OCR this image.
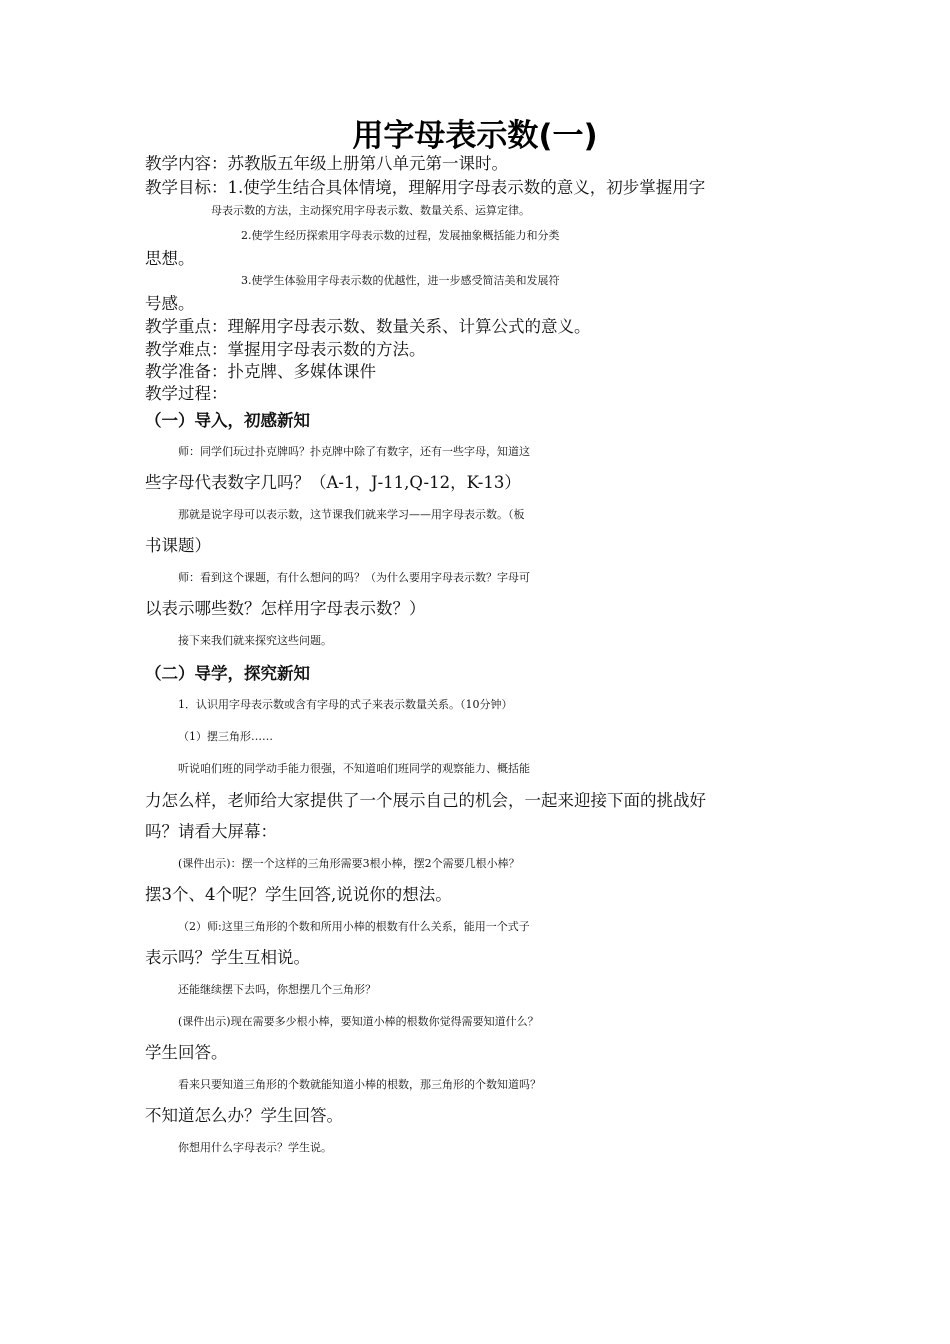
用字母表示数(一)

教学内容：苏教版五年级上册第八单元第一课时。

教学目标：1.使学生结合具体情境，理解用字母表示数的意义，初步掌握用字

母表示数的方法，主动探究用字母表示数、数量关系、运算定律。

2.使学生经历探索用字母表示数的过程，发展抽象概括能力和分类

思想。

3.使学生体验用字母表示数的优越性，进一步感受简洁美和发展符

号感。

教学重点：理解用字母表示数、数量关系、计算公式的意义。

教学难点：掌握用字母表示数的方法。

教学准备：扑克牌、多媒体课件

教学过程：

（一）导入，初感新知

师：同学们玩过扑克牌吗？扑克牌中除了有数字，还有一些字母，知道这

些字母代表数字几吗？（A-1，J-11,Q-12，K-13）

那就是说字母可以表示数，这节课我们就来学习——用字母表示数。（板

书课题）

师：看到这个课题，有什么想问的吗？（为什么要用字母表示数？字母可

以表示哪些数？怎样用字母表示数？）

接下来我们就来探究这些问题。

（二）导学，探究新知

1．认识用字母表示数或含有字母的式子来表示数量关系。（10分钟）

（1）摆三角形……

听说咱们班的同学动手能力很强，不知道咱们班同学的观察能力、概括能

力怎么样，老师给大家提供了一个展示自己的机会，一起来迎接下面的挑战好

吗？请看大屏幕：

(课件出示)：摆一个这样的三角形需要3根小棒，摆2个需要几根小棒？

摆3个、4个呢？学生回答,说说你的想法。

（2）师:这里三角形的个数和所用小棒的根数有什么关系，能用一个式子

表示吗？学生互相说。

还能继续摆下去吗，你想摆几个三角形？

(课件出示)现在需要多少根小棒，要知道小棒的根数你觉得需要知道什么？

学生回答。

看来只要知道三角形的个数就能知道小棒的根数，那三角形的个数知道吗？

不知道怎么办？学生回答。

你想用什么字母表示？学生说。
